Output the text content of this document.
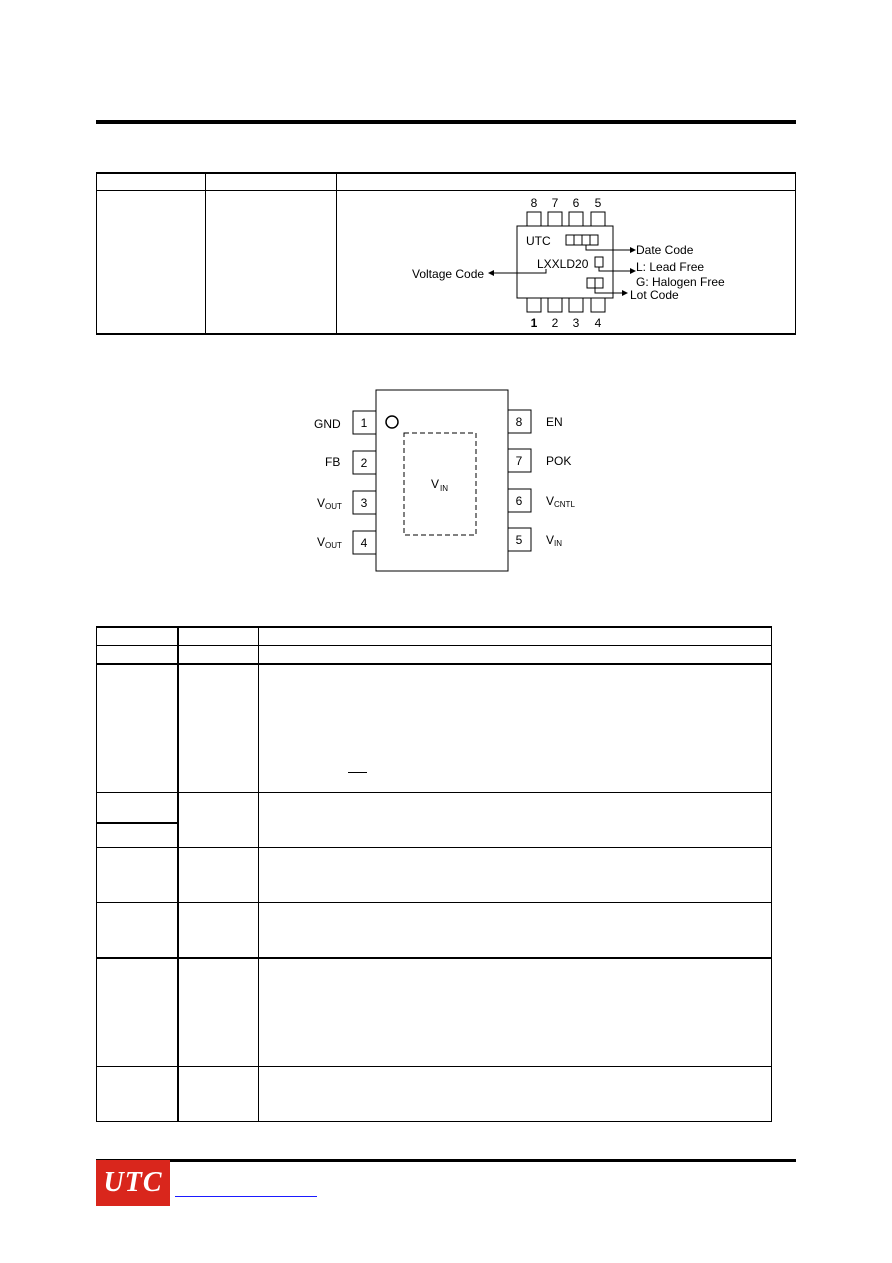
8 7 6 5
1 2 3 4
UTC
LXXLD20
Date Code
L: Lead Free
G: Halogen Free
Lot Code
Voltage Code
V IN
1
2
3
4
GND
FB
V OUT
V OUT
8
7
6
5
EN
POK
V CNTL
V IN
UTC
